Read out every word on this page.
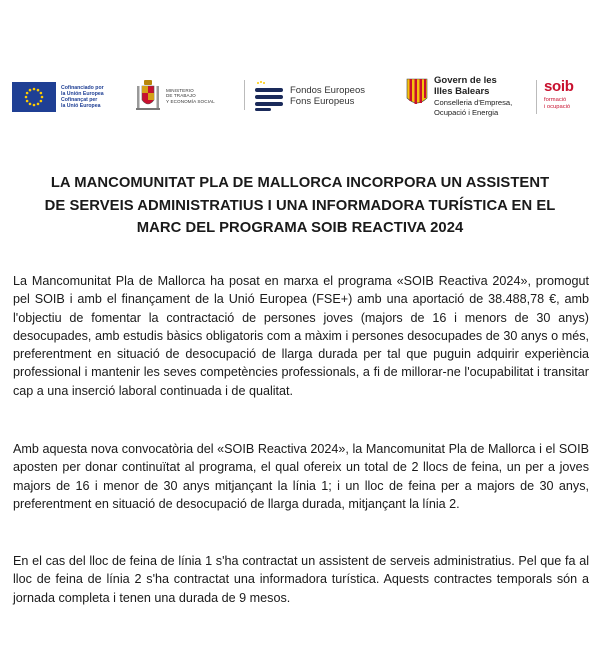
Cofinanciado por
la Unión Europea
Cofinançat per
la Unió Europea
MINISTERIO
DE TRABAJO
Y ECONOMÍA SOCIAL
Fondos Europeos
Fons Europeus
Govern de les
Illes Balears
Conselleria d'Empresa,
Ocupació i Energia
soib
formació
i ocupació
LA MANCOMUNITAT PLA DE MALLORCA INCORPORA UN ASSISTENT
DE SERVEIS ADMINISTRATIUS I UNA INFORMADORA TURÍSTICA EN EL
MARC DEL PROGRAMA SOIB REACTIVA 2024

La Mancomunitat Pla de Mallorca ha posat en marxa el programa «SOIB Reactiva 2024», promogut pel SOIB i amb el finançament de la Unió Europea (FSE+) amb una aportació de 38.488,78 €, amb l'objectiu de fomentar la contractació de persones joves (majors de 16 i menors de 30 anys) desocupades, amb estudis bàsics obligatoris com a màxim i persones desocupades de 30 anys o més, preferentment en situació de desocupació de llarga durada per tal que puguin adquirir experiència professional i mantenir les seves competències professionals, a fi de millorar-ne l'ocupabilitat i transitar cap a una inserció laboral continuada i de qualitat.

Amb aquesta nova convocatòria del «SOIB Reactiva 2024», la Mancomunitat Pla de Mallorca i el SOIB aposten per donar continuïtat al programa, el qual ofereix un total de 2 llocs de feina, un per a joves majors de 16 i menor de 30 anys mitjançant la línia 1; i un lloc de feina per a majors de 30 anys, preferentment en situació de desocupació de llarga durada, mitjançant la línia 2.

En el cas del lloc de feina de línia 1 s'ha contractat un assistent de serveis administratius. Pel que fa al lloc de feina de línia 2 s'ha contractat una informadora turística. Aquests contractes temporals són a jornada completa i tenen una durada de 9 mesos.
